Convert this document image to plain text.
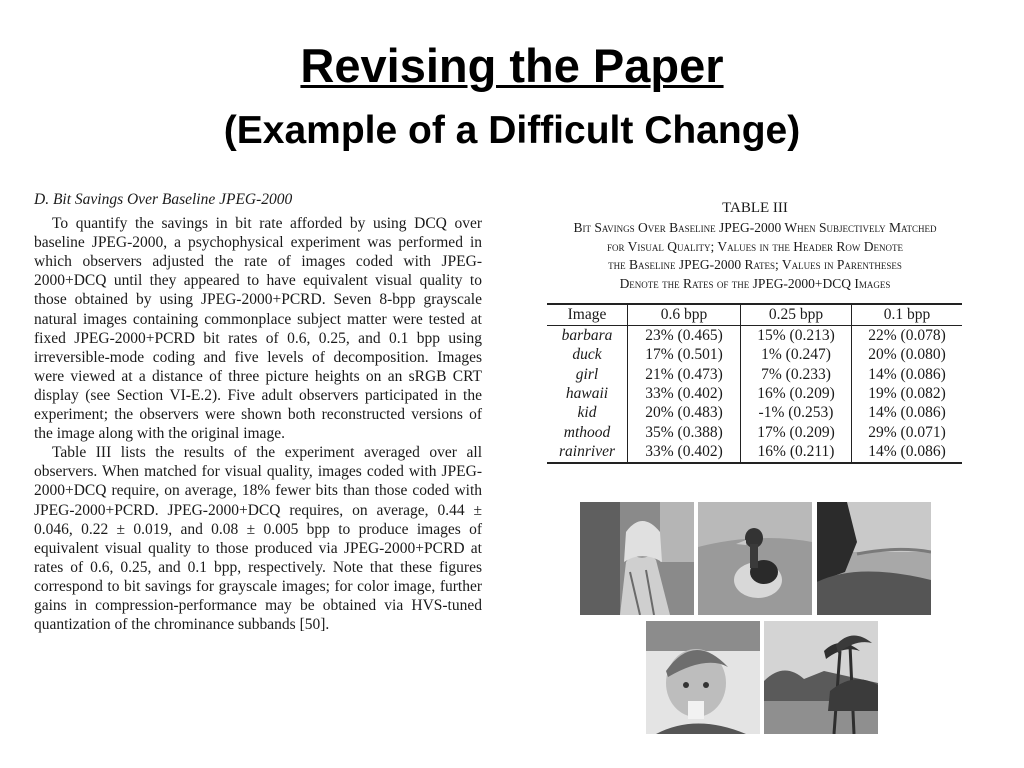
Revising the Paper
(Example of a Difficult Change)
D. Bit Savings Over Baseline JPEG-2000

To quantify the savings in bit rate afforded by using DCQ over baseline JPEG-2000, a psychophysical experiment was performed in which observers adjusted the rate of images coded with JPEG-2000+DCQ until they appeared to have equivalent visual quality to those obtained by using JPEG-2000+PCRD. Seven 8-bpp grayscale natural images containing commonplace subject matter were tested at fixed JPEG-2000+PCRD bit rates of 0.6, 0.25, and 0.1 bpp using irreversible-mode coding and five levels of decomposition. Images were viewed at a distance of three picture heights on an sRGB CRT display (see Section VI-E.2). Five adult observers participated in the experiment; the observers were shown both reconstructed versions of the image along with the original image.

Table III lists the results of the experiment averaged over all observers. When matched for visual quality, images coded with JPEG-2000+DCQ require, on average, 18% fewer bits than those coded with JPEG-2000+PCRD. JPEG-2000+DCQ requires, on average, 0.44 ± 0.046, 0.22 ± 0.019, and 0.08 ± 0.005 bpp to produce images of equivalent visual quality to those produced via JPEG-2000+PCRD at rates of 0.6, 0.25, and 0.1 bpp, respectively. Note that these figures correspond to bit savings for grayscale images; for color image, further gains in compression-performance may be obtained via HVS-tuned quantization of the chrominance subbands [50].

TABLE III
Bit Savings Over Baseline JPEG-2000 When Subjectively Matched
for Visual Quality; Values in the Header Row Denote
the Baseline JPEG-2000 Rates; Values in Parentheses
Denote the Rates of the JPEG-2000+DCQ Images
Image	0.6 bpp	0.25 bpp	0.1 bpp
barbara	23% (0.465)	15% (0.213)	22% (0.078)
duck	17% (0.501)	1% (0.247)	20% (0.080)
girl	21% (0.473)	7% (0.233)	14% (0.086)
hawaii	33% (0.402)	16% (0.209)	19% (0.082)
kid	20% (0.483)	-1% (0.253)	14% (0.086)
mthood	35% (0.388)	17% (0.209)	29% (0.071)
rainriver	33% (0.402)	16% (0.211)	14% (0.086)
